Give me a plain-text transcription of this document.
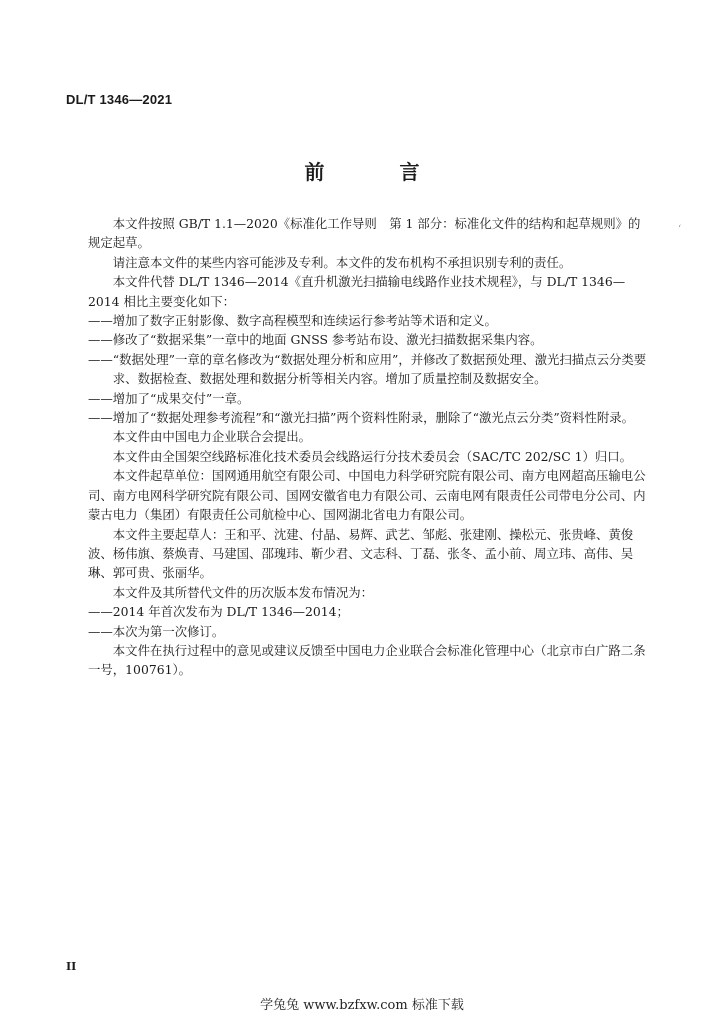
DL/T 1346—2021
前 言
ʻ

本文件按照 GB/T 1.1—2020《标准化工作导则　第 1 部分：标准化文件的结构和起草规则》的规定起草。

请注意本文件的某些内容可能涉及专利。本文件的发布机构不承担识别专利的责任。

本文件代替 DL/T 1346—2014《直升机激光扫描输电线路作业技术规程》，与 DL/T 1346—2014 相比主要变化如下：

——增加了数字正射影像、数字高程模型和连续运行参考站等术语和定义。

——修改了“数据采集”一章中的地面 GNSS 参考站布设、激光扫描数据采集内容。

——“数据处理”一章的章名修改为“数据处理分析和应用”，并修改了数据预处理、激光扫描点云分类要求、数据检查、数据处理和数据分析等相关内容。增加了质量控制及数据安全。

——增加了“成果交付”一章。

——增加了“数据处理参考流程”和“激光扫描”两个资料性附录，删除了“激光点云分类”资料性附录。

本文件由中国电力企业联合会提出。

本文件由全国架空线路标准化技术委员会线路运行分技术委员会（SAC/TC 202/SC 1）归口。

本文件起草单位：国网通用航空有限公司、中国电力科学研究院有限公司、南方电网超高压输电公司、南方电网科学研究院有限公司、国网安徽省电力有限公司、云南电网有限责任公司带电分公司、内蒙古电力（集团）有限责任公司航检中心、国网湖北省电力有限公司。

本文件主要起草人：王和平、沈建、付晶、易辉、武艺、邹彪、张建刚、操松元、张贵峰、黄俊波、杨伟旗、蔡焕青、马建国、邵瑰玮、靳少君、文志科、丁磊、张冬、孟小前、周立玮、高伟、吴琳、郭可贵、张丽华。

本文件及其所替代文件的历次版本发布情况为：

——2014 年首次发布为 DL/T 1346—2014；

——本次为第一次修订。

本文件在执行过程中的意见或建议反馈至中国电力企业联合会标准化管理中心（北京市白广路二条一号，100761）。

II
学兔兔 www.bzfxw.com 标准下载
